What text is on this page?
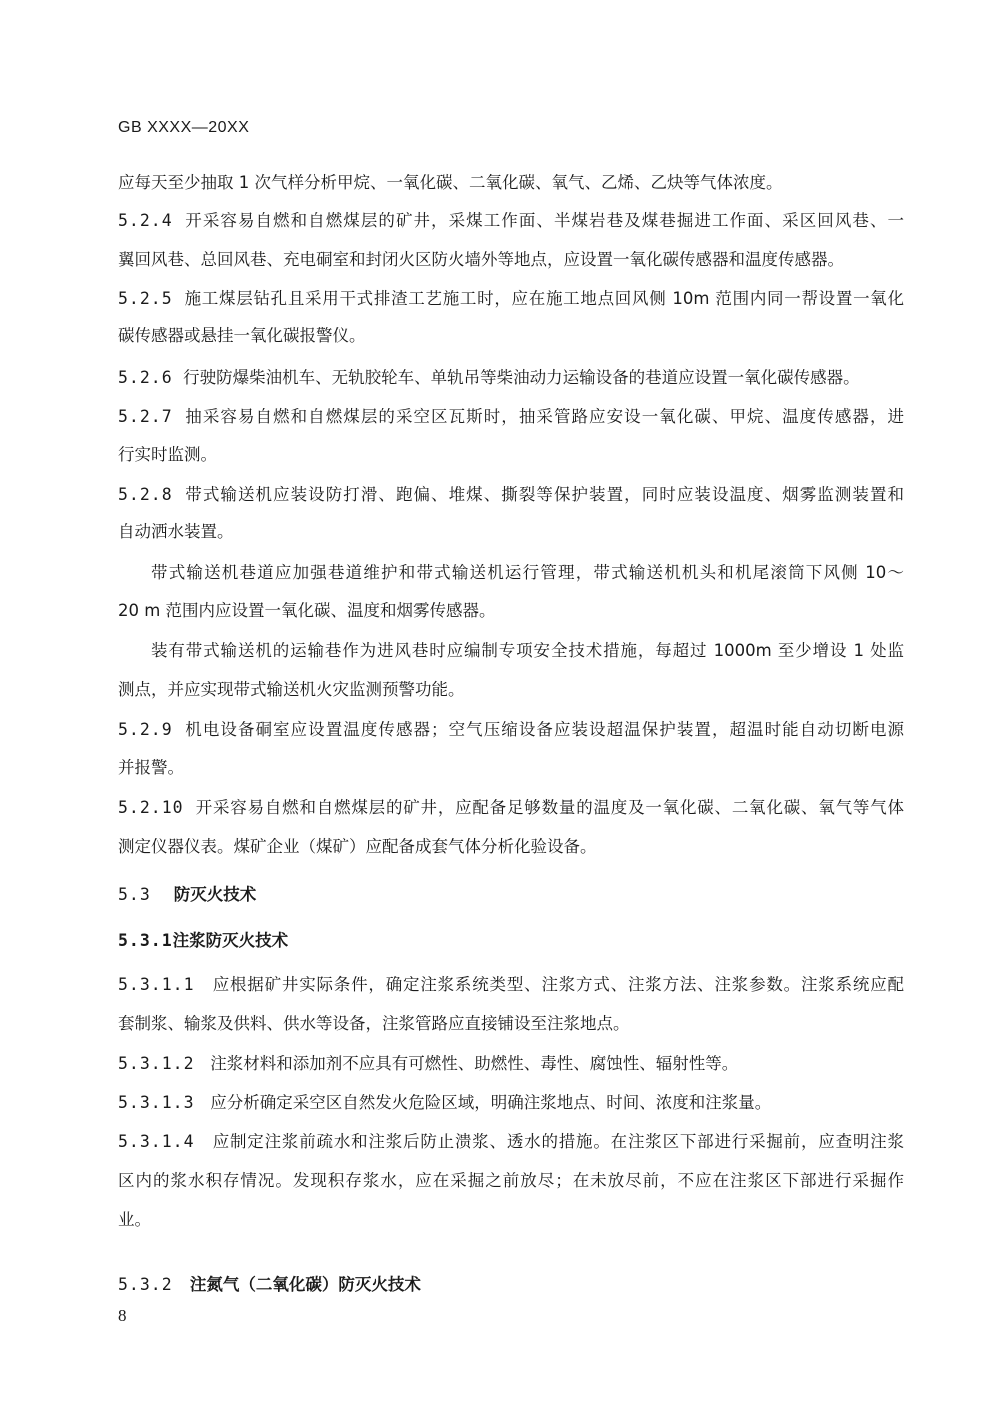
GB XXXX—20XX
应每天至少抽取 1 次气样分析甲烷、一氧化碳、二氧化碳、氧气、乙烯、乙炔等气体浓度。
5.2.4 开采容易自燃和自燃煤层的矿井，采煤工作面、半煤岩巷及煤巷掘进工作面、采区回风巷、一
翼回风巷、总回风巷、充电硐室和封闭火区防火墙外等地点，应设置一氧化碳传感器和温度传感器。
5.2.5 施工煤层钻孔且采用干式排渣工艺施工时，应在施工地点回风侧 10m 范围内同一帮设置一氧化
碳传感器或悬挂一氧化碳报警仪。
5.2.6 行驶防爆柴油机车、无轨胶轮车、单轨吊等柴油动力运输设备的巷道应设置一氧化碳传感器。
5.2.7 抽采容易自燃和自燃煤层的采空区瓦斯时，抽采管路应安设一氧化碳、甲烷、温度传感器，进
行实时监测。
5.2.8 带式输送机应装设防打滑、跑偏、堆煤、撕裂等保护装置，同时应装设温度、烟雾监测装置和
自动洒水装置。
带式输送机巷道应加强巷道维护和带式输送机运行管理，带式输送机机头和机尾滚筒下风侧 10～
20 m 范围内应设置一氧化碳、温度和烟雾传感器。
装有带式输送机的运输巷作为进风巷时应编制专项安全技术措施，每超过 1000m 至少增设 1 处监
测点，并应实现带式输送机火灾监测预警功能。
5.2.9 机电设备硐室应设置温度传感器；空气压缩设备应装设超温保护装置，超温时能自动切断电源
并报警。
5.2.10 开采容易自燃和自燃煤层的矿井，应配备足够数量的温度及一氧化碳、二氧化碳、氧气等气体
测定仪器仪表。煤矿企业（煤矿）应配备成套气体分析化验设备。
5.3 防灭火技术
5.3.1注浆防灭火技术
5.3.1.1 应根据矿井实际条件，确定注浆系统类型、注浆方式、注浆方法、注浆参数。注浆系统应配
套制浆、输浆及供料、供水等设备，注浆管路应直接铺设至注浆地点。
5.3.1.2 注浆材料和添加剂不应具有可燃性、助燃性、毒性、腐蚀性、辐射性等。
5.3.1.3 应分析确定采空区自然发火危险区域，明确注浆地点、时间、浓度和注浆量。
5.3.1.4 应制定注浆前疏水和注浆后防止溃浆、透水的措施。在注浆区下部进行采掘前，应查明注浆
区内的浆水积存情况。发现积存浆水，应在采掘之前放尽；在未放尽前，不应在注浆区下部进行采掘作
业。
5.3.2 注氮气（二氧化碳）防灭火技术
8
